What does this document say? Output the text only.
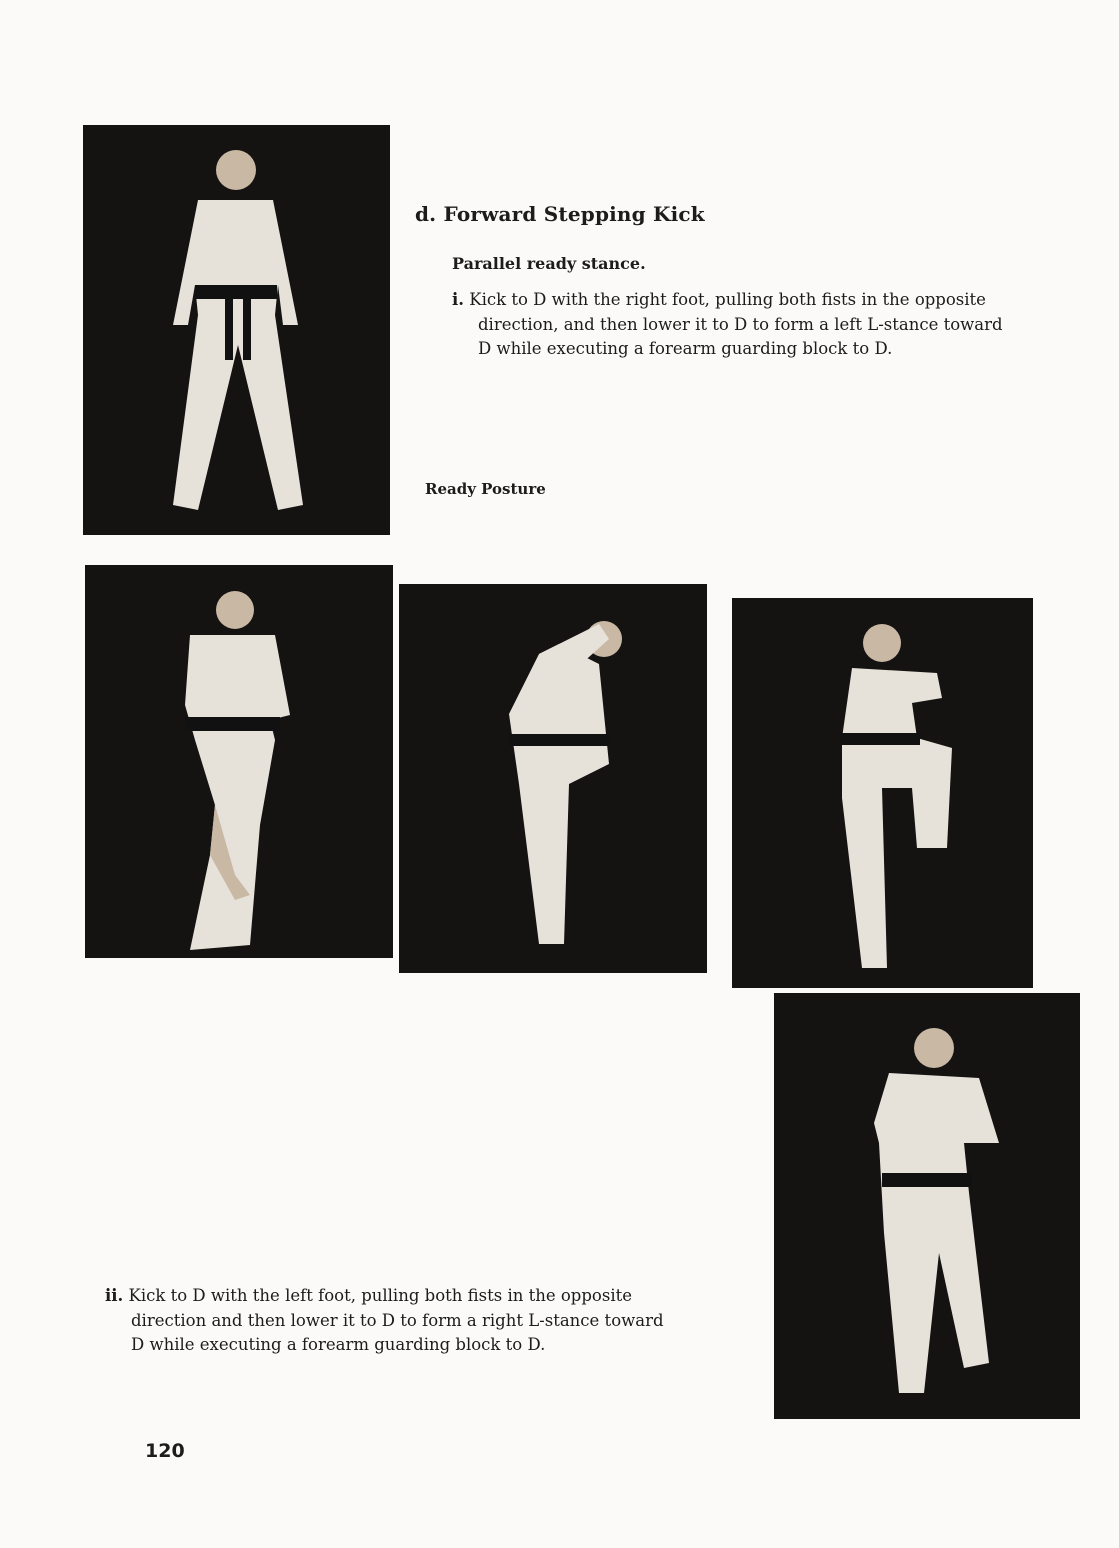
d. Forward Stepping Kick

Parallel ready stance.

i. Kick to D with the right foot, pulling both fists in the opposite direction, and then lower it to D to form a left L-stance toward D while executing a forearm guarding block to D.

Ready Posture

ii. Kick to D with the left foot, pulling both fists in the opposite direction and then lower it to D to form a right L-stance toward D while executing a forearm guarding block to D.

120
